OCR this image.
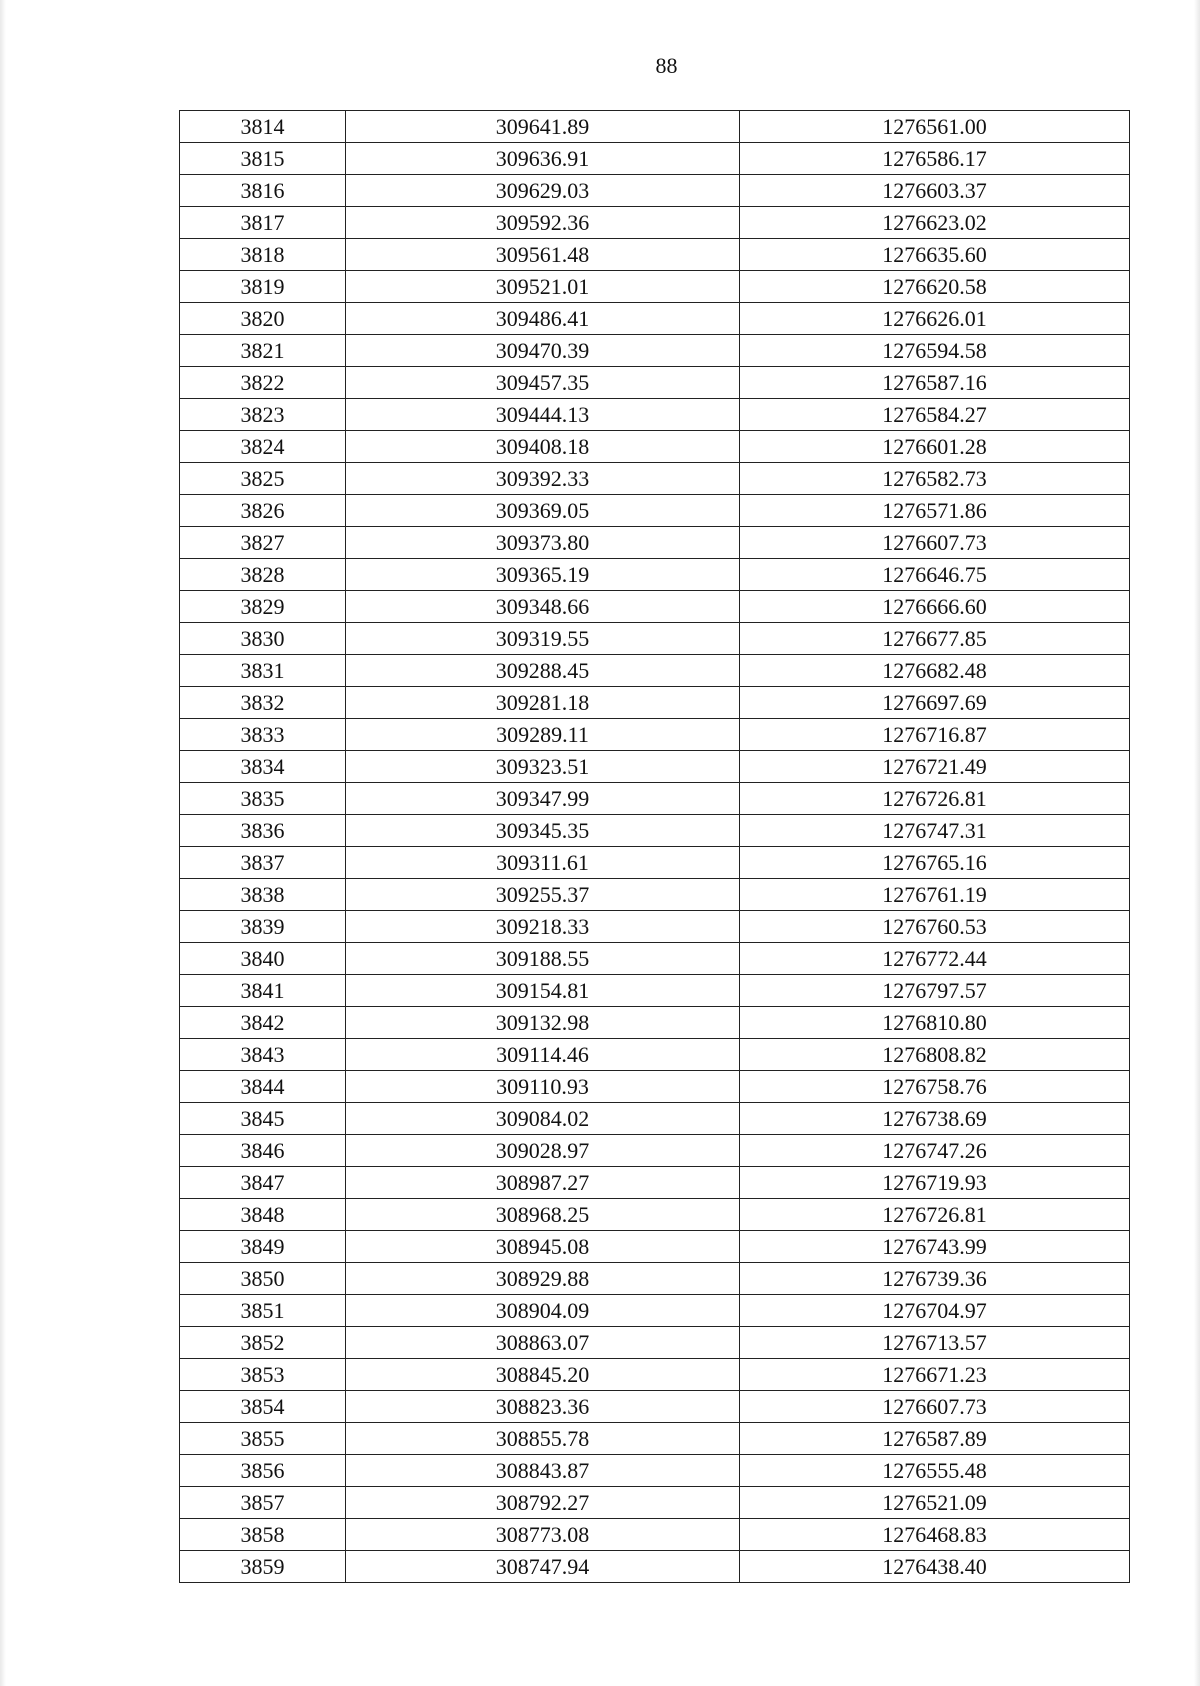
88
3814	309641.89	1276561.00
3815	309636.91	1276586.17
3816	309629.03	1276603.37
3817	309592.36	1276623.02
3818	309561.48	1276635.60
3819	309521.01	1276620.58
3820	309486.41	1276626.01
3821	309470.39	1276594.58
3822	309457.35	1276587.16
3823	309444.13	1276584.27
3824	309408.18	1276601.28
3825	309392.33	1276582.73
3826	309369.05	1276571.86
3827	309373.80	1276607.73
3828	309365.19	1276646.75
3829	309348.66	1276666.60
3830	309319.55	1276677.85
3831	309288.45	1276682.48
3832	309281.18	1276697.69
3833	309289.11	1276716.87
3834	309323.51	1276721.49
3835	309347.99	1276726.81
3836	309345.35	1276747.31
3837	309311.61	1276765.16
3838	309255.37	1276761.19
3839	309218.33	1276760.53
3840	309188.55	1276772.44
3841	309154.81	1276797.57
3842	309132.98	1276810.80
3843	309114.46	1276808.82
3844	309110.93	1276758.76
3845	309084.02	1276738.69
3846	309028.97	1276747.26
3847	308987.27	1276719.93
3848	308968.25	1276726.81
3849	308945.08	1276743.99
3850	308929.88	1276739.36
3851	308904.09	1276704.97
3852	308863.07	1276713.57
3853	308845.20	1276671.23
3854	308823.36	1276607.73
3855	308855.78	1276587.89
3856	308843.87	1276555.48
3857	308792.27	1276521.09
3858	308773.08	1276468.83
3859	308747.94	1276438.40
